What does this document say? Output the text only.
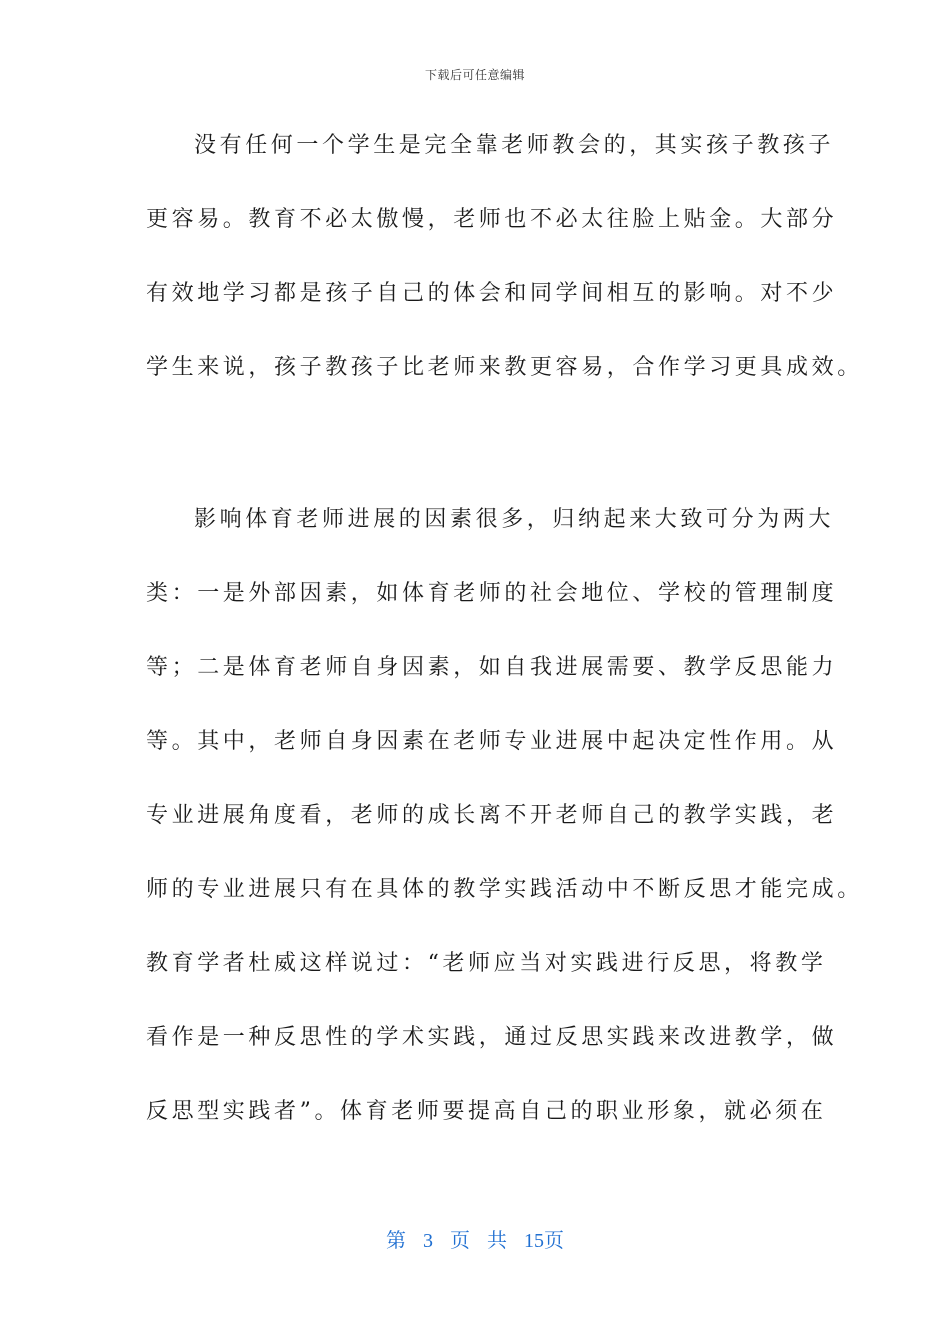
下载后可任意编辑
没有任何一个学生是完全靠老师教会的，其实孩子教孩子
更容易。教育不必太傲慢，老师也不必太往脸上贴金。大部分
有效地学习都是孩子自己的体会和同学间相互的影响。对不少
学生来说，孩子教孩子比老师来教更容易，合作学习更具成效。
影响体育老师进展的因素很多，归纳起来大致可分为两大
类：一是外部因素，如体育老师的社会地位、学校的管理制度
等；二是体育老师自身因素，如自我进展需要、教学反思能力
等。其中，老师自身因素在老师专业进展中起决定性作用。从
专业进展角度看，老师的成长离不开老师自己的教学实践，老
师的专业进展只有在具体的教学实践活动中不断反思才能完成。
教育学者杜威这样说过：“老师应当对实践进行反思，将教学
看作是一种反思性的学术实践，通过反思实践来改进教学，做
反思型实践者”。体育老师要提高自己的职业形象，就必须在
第 3 页 共 15页
